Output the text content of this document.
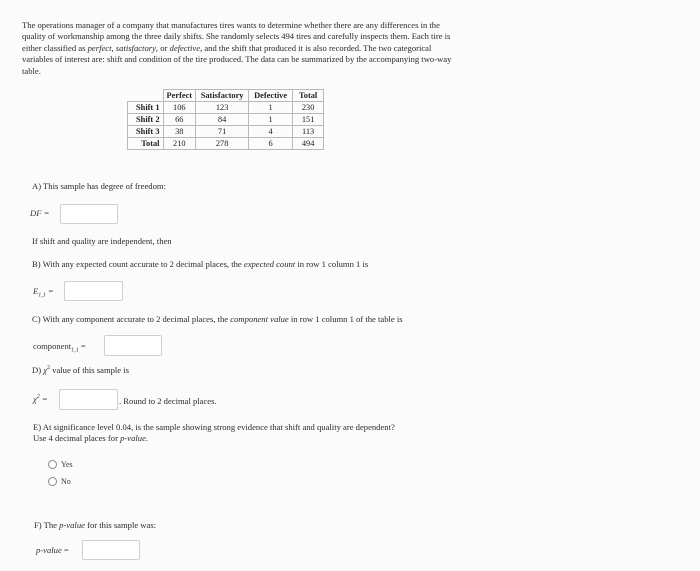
The operations manager of a company that manufactures tires wants to determine whether there are any differences in the quality of workmanship among the three daily shifts. She randomly selects 494 tires and carefully inspects them. Each tire is either classified as perfect, satisfactory, or defective, and the shift that produced it is also recorded. The two categorical variables of interest are: shift and condition of the tire produced. The data can be summarized by the accompanying two-way table.
	Perfect	Satisfactory	Defective	Total
Shift 1	106	123	1	230
Shift 2	66	84	1	151
Shift 3	38	71	4	113
Total	210	278	6	494
A) This sample has degree of freedom:
DF =
If shift and quality are independent, then
B) With any expected count accurate to 2 decimal places, the expected count in row 1 column 1 is
$E_{1,1}$ =
C) With any component accurate to 2 decimal places, the component value in row 1 column 1 of the table is
component$_{1,1}$ =
D) $\chi^2$ value of this sample is
$\chi^2$ =	. Round to 2 decimal places.
E) At significance level 0.04, is the sample showing strong evidence that shift and quality are dependent?
Use 4 decimal places for p-value.
Yes
No
F) The p-value for this sample was:
p-value =
